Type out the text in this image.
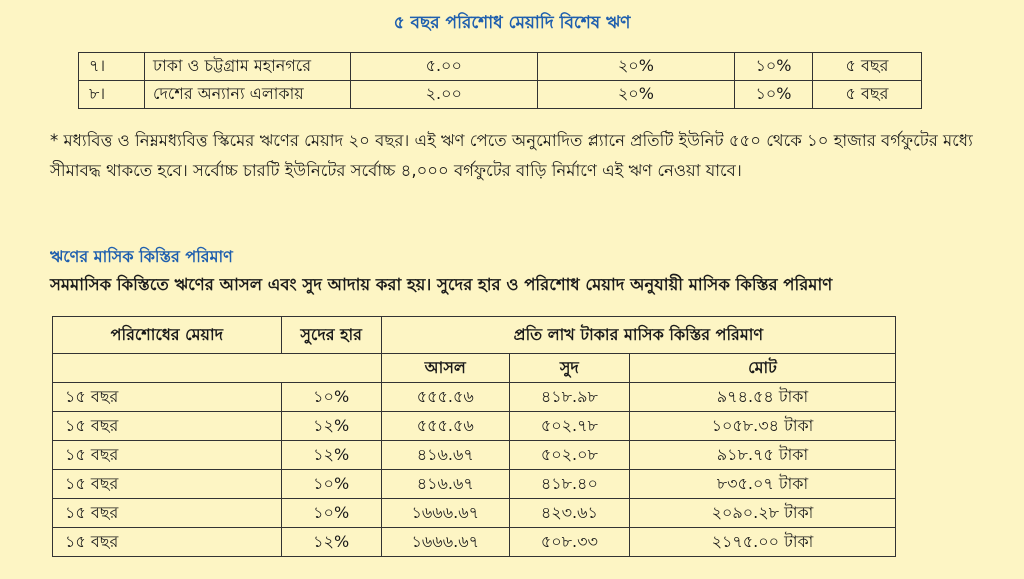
৫ বছর পরিশোধ মেয়াদি বিশেষ ঋণ
৭।	ঢাকা ও চট্টগ্রাম মহানগরে	৫.০০	২০%	১০%	৫ বছর
৮।	দেশের অন্যান্য এলাকায়	২.০০	২০%	১০%	৫ বছর
* মধ্যবিত্ত ও নিম্নমধ্যবিত্ত স্কিমের ঋণের মেয়াদ ২০ বছর। এই ঋণ পেতে অনুমোদিত প্ল্যানে প্রতিটি ইউনিট ৫৫০ থেকে ১০ হাজার বর্গফুটের মধ্যে সীমাবদ্ধ থাকতে হবে। সর্বোচ্চ চারটি ইউনিটের সর্বোচ্চ ৪,০০০ বর্গফুটের বাড়ি নির্মাণে এই ঋণ নেওয়া যাবে।
ঋণের মাসিক কিস্তির পরিমাণ
সমমাসিক কিস্তিতে ঋণের আসল এবং সুদ আদায় করা হয়। সুদের হার ও পরিশোধ মেয়াদ অনুযায়ী মাসিক কিস্তির পরিমাণ
পরিশোধের মেয়াদ	সুদের হার	প্রতি লাখ টাকার মাসিক কিস্তির পরিমাণ		
		আসল	সুদ	মোট
১৫ বছর	১০%	৫৫৫.৫৬	৪১৮.৯৮	৯৭৪.৫৪ টাকা
১৫ বছর	১২%	৫৫৫.৫৬	৫০২.৭৮	১০৫৮.৩৪ টাকা
১৫ বছর	১২%	৪১৬.৬৭	৫০২.০৮	৯১৮.৭৫ টাকা
১৫ বছর	১০%	৪১৬.৬৭	৪১৮.৪০	৮৩৫.০৭ টাকা
১৫ বছর	১০%	১৬৬৬.৬৭	৪২৩.৬১	২০৯০.২৮ টাকা
১৫ বছর	১২%	১৬৬৬.৬৭	৫০৮.৩৩	২১৭৫.০০ টাকা
